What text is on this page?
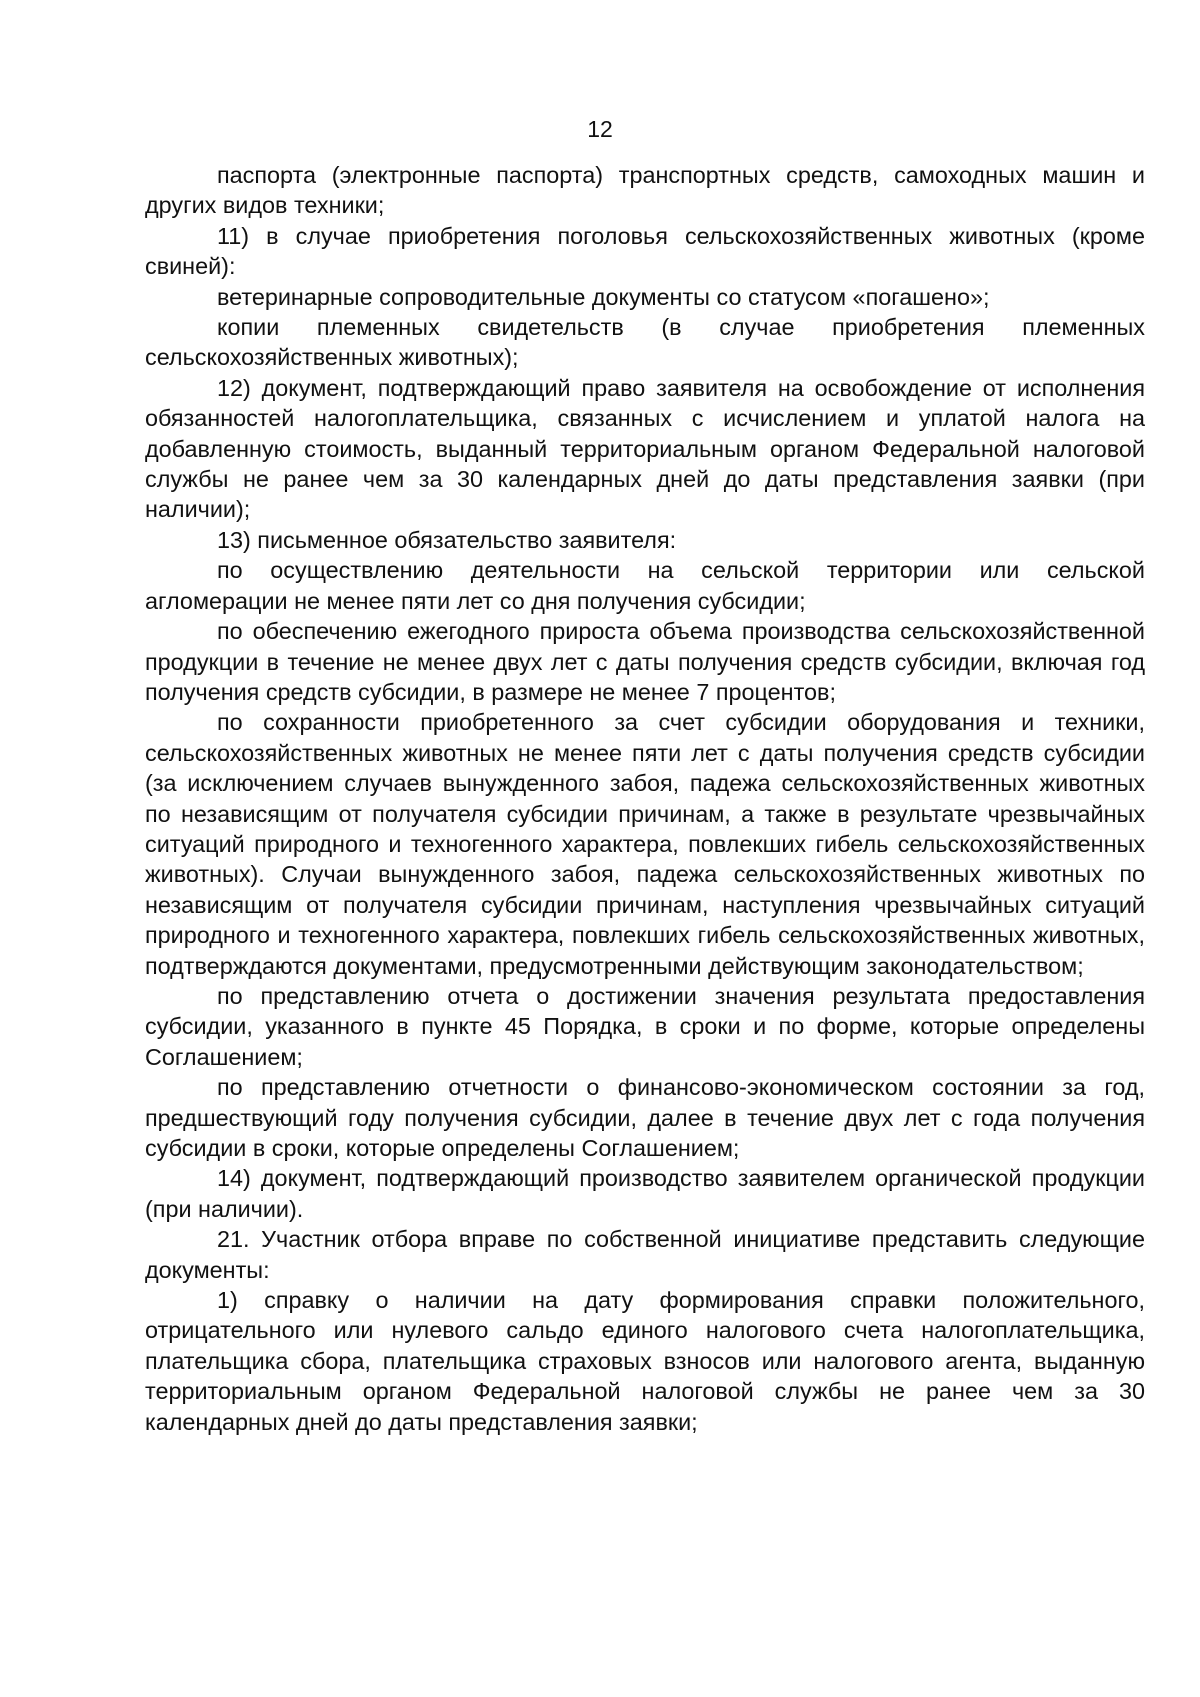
12

паспорта (электронные паспорта) транспортных средств, самоходных машин и других видов техники;

11) в случае приобретения поголовья сельскохозяйственных животных (кроме свиней):

ветеринарные сопроводительные документы со статусом «погашено»;

копии племенных свидетельств (в случае приобретения племенных сельскохозяйственных животных);

12) документ, подтверждающий право заявителя на освобождение от исполнения обязанностей налогоплательщика, связанных с исчислением и уплатой налога на добавленную стоимость, выданный территориальным органом Федеральной налоговой службы не ранее чем за 30 календарных дней до даты представления заявки (при наличии);

13) письменное обязательство заявителя:

по осуществлению деятельности на сельской территории или сельской агломерации не менее пяти лет со дня получения субсидии;

по обеспечению ежегодного прироста объема производства сельскохозяйственной продукции в течение не менее двух лет с даты получения средств субсидии, включая год получения средств субсидии, в размере не менее 7 процентов;

по сохранности приобретенного за счет субсидии оборудования и техники, сельскохозяйственных животных не менее пяти лет с даты получения средств субсидии (за исключением случаев вынужденного забоя, падежа сельскохозяйственных животных по независящим от получателя субсидии причинам, а также в результате чрезвычайных ситуаций природного и техногенного характера, повлекших гибель сельскохозяйственных животных). Случаи вынужденного забоя, падежа сельскохозяйственных животных по независящим от получателя субсидии причинам, наступления чрезвычайных ситуаций природного и техногенного характера, повлекших гибель сельскохозяйственных животных, подтверждаются документами, предусмотренными действующим законодательством;

по представлению отчета о достижении значения результата предоставления субсидии, указанного в пункте 45 Порядка, в сроки и по форме, которые определены Соглашением;

по представлению отчетности о финансово-экономическом состоянии за год, предшествующий году получения субсидии, далее в течение двух лет с года получения субсидии в сроки, которые определены Соглашением;

14) документ, подтверждающий производство заявителем органической продукции (при наличии).

21. Участник отбора вправе по собственной инициативе представить следующие документы:

1) справку о наличии на дату формирования справки положительного, отрицательного или нулевого сальдо единого налогового счета налогоплательщика, плательщика сбора, плательщика страховых взносов или налогового агента, выданную территориальным органом Федеральной налоговой службы не ранее чем за 30 календарных дней до даты представления заявки;
